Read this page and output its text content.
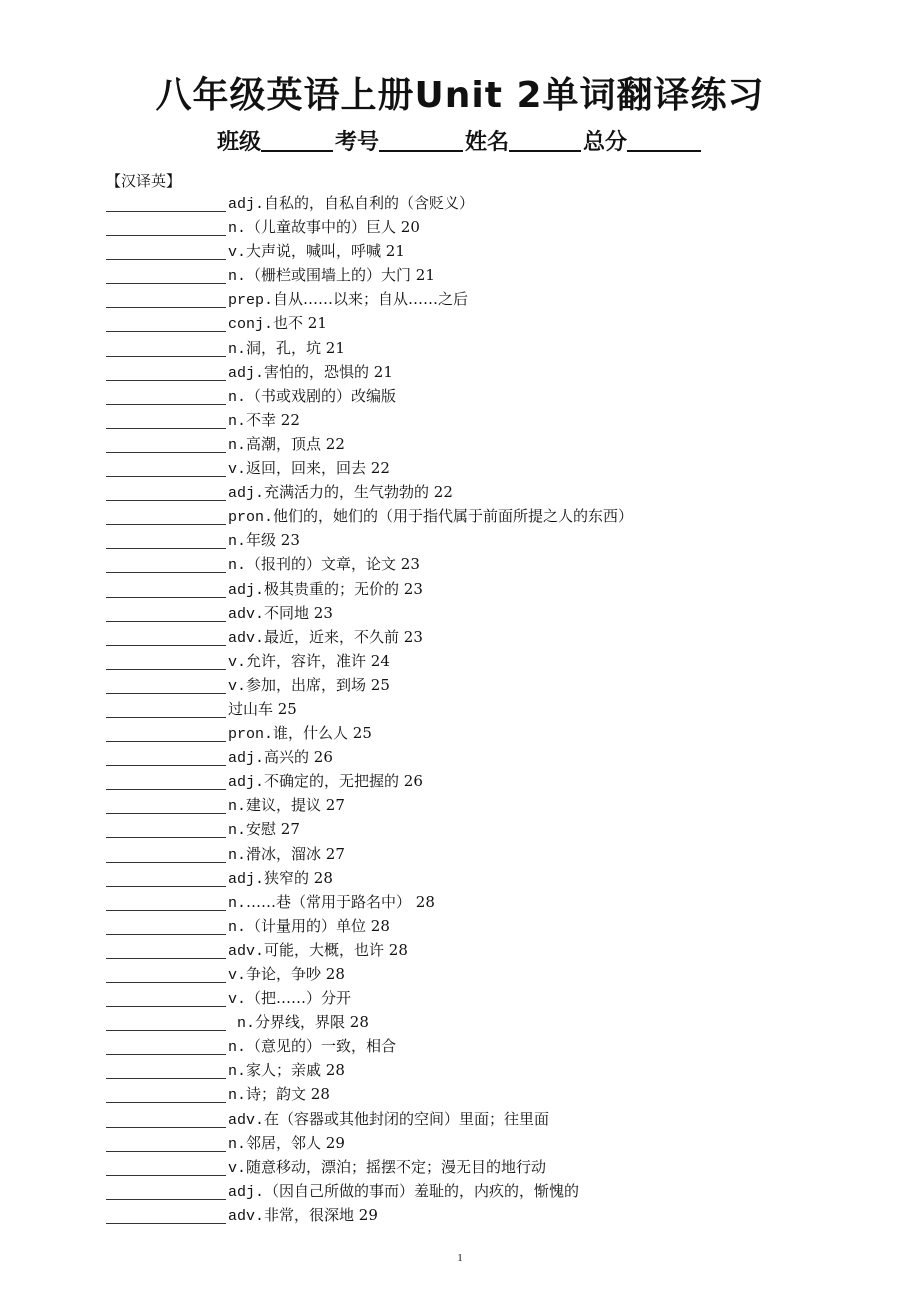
八年级英语上册Unit 2单词翻译练习
班级	考号	姓名	总分
【汉译英】
adj.自私的，自私自利的（含贬义）
n.（儿童故事中的）巨人 20
v.大声说，喊叫，呼喊 21
n.（栅栏或围墙上的）大门 21
prep.自从……以来；自从……之后
conj.也不 21
n.洞，孔，坑 21
adj.害怕的，恐惧的 21
n.（书或戏剧的）改编版
n.不幸 22
n.高潮，顶点 22
v.返回，回来，回去 22
adj.充满活力的，生气勃勃的 22
pron.他们的，她们的（用于指代属于前面所提之人的东西）
n.年级 23
n.（报刊的）文章，论文 23
adj.极其贵重的；无价的 23
adv.不同地 23
adv.最近，近来，不久前 23
v.允许，容许，准许 24
v.参加，出席，到场 25
过山车 25
pron.谁，什么人 25
adj.高兴的 26
adj.不确定的，无把握的 26
n.建议，提议 27
n.安慰 27
n.滑冰，溜冰 27
adj.狭窄的 28
n.……巷（常用于路名中） 28
n.（计量用的）单位 28
adv.可能，大概，也许 28
v.争论，争吵 28
v.（把……）分开
n.分界线，界限 28
n.（意见的）一致，相合
n.家人；亲戚 28
n.诗；韵文 28
adv.在（容器或其他封闭的空间）里面；往里面
n.邻居，邻人 29
v.随意移动，漂泊；摇摆不定；漫无目的地行动
adj.（因自己所做的事而）羞耻的，内疚的，惭愧的
adv.非常，很深地 29
1
